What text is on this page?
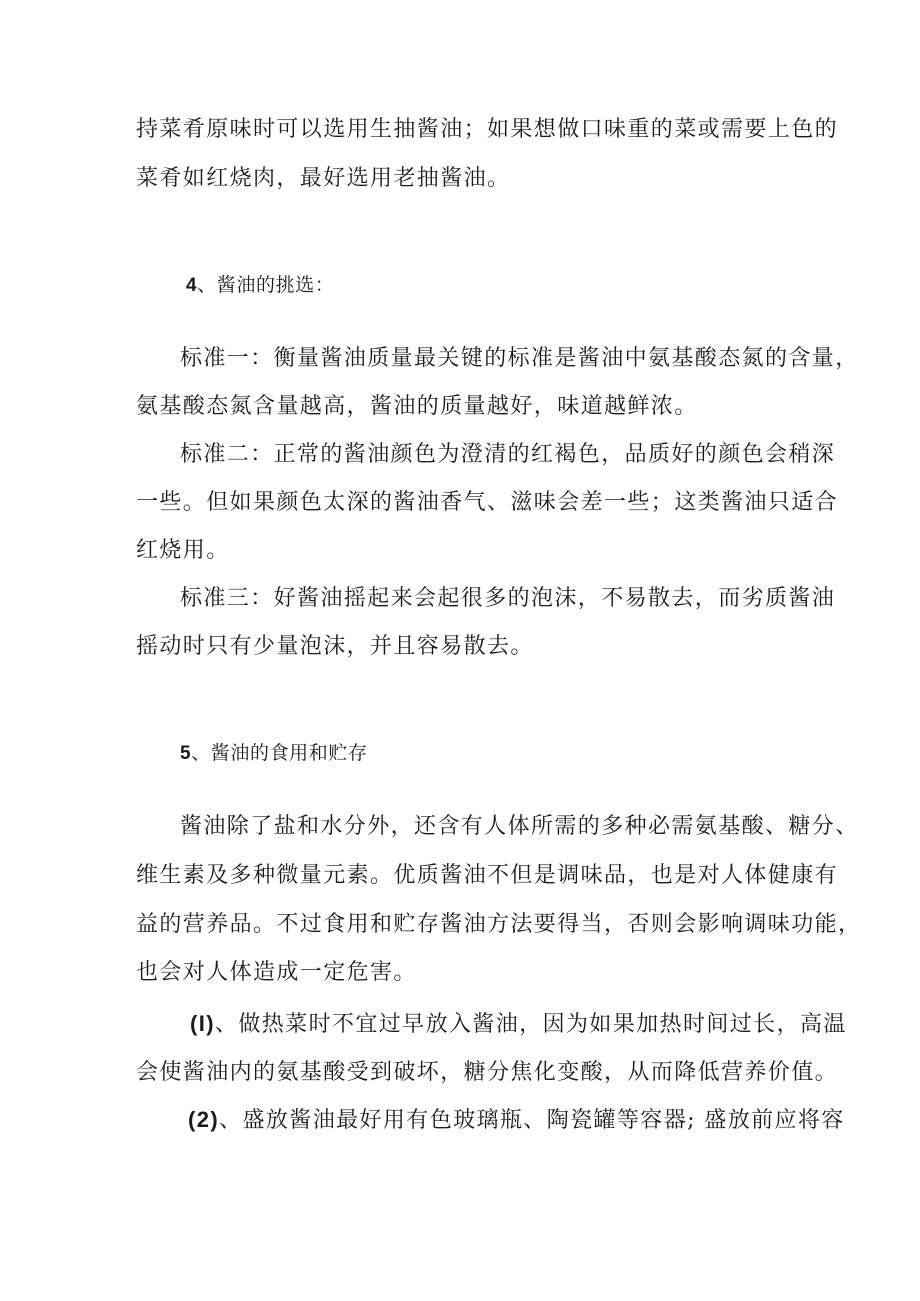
持菜肴原味时可以选用生抽酱油；如果想做口味重的菜或需要上色的
菜肴如红烧肉，最好选用老抽酱油。
4、酱油的挑选：
标准一：衡量酱油质量最关键的标准是酱油中氨基酸态氮的含量，
氨基酸态氮含量越高，酱油的质量越好，味道越鲜浓。
标准二：正常的酱油颜色为澄清的红褐色，品质好的颜色会稍深
一些。但如果颜色太深的酱油香气、滋味会差一些；这类酱油只适合
红烧用。
标准三：好酱油摇起来会起很多的泡沫，不易散去，而劣质酱油
摇动时只有少量泡沫，并且容易散去。
5、酱油的食用和贮存
酱油除了盐和水分外，还含有人体所需的多种必需氨基酸、糖分、
维生素及多种微量元素。优质酱油不但是调味品，也是对人体健康有
益的营养品。不过食用和贮存酱油方法要得当，否则会影响调味功能，
也会对人体造成一定危害。
(I)、做热菜时不宜过早放入酱油，因为如果加热时间过长，高温
会使酱油内的氨基酸受到破坏，糖分焦化变酸，从而降低营养价值。
(2)、盛放酱油最好用有色玻璃瓶、陶瓷罐等容器; 盛放前应将容
